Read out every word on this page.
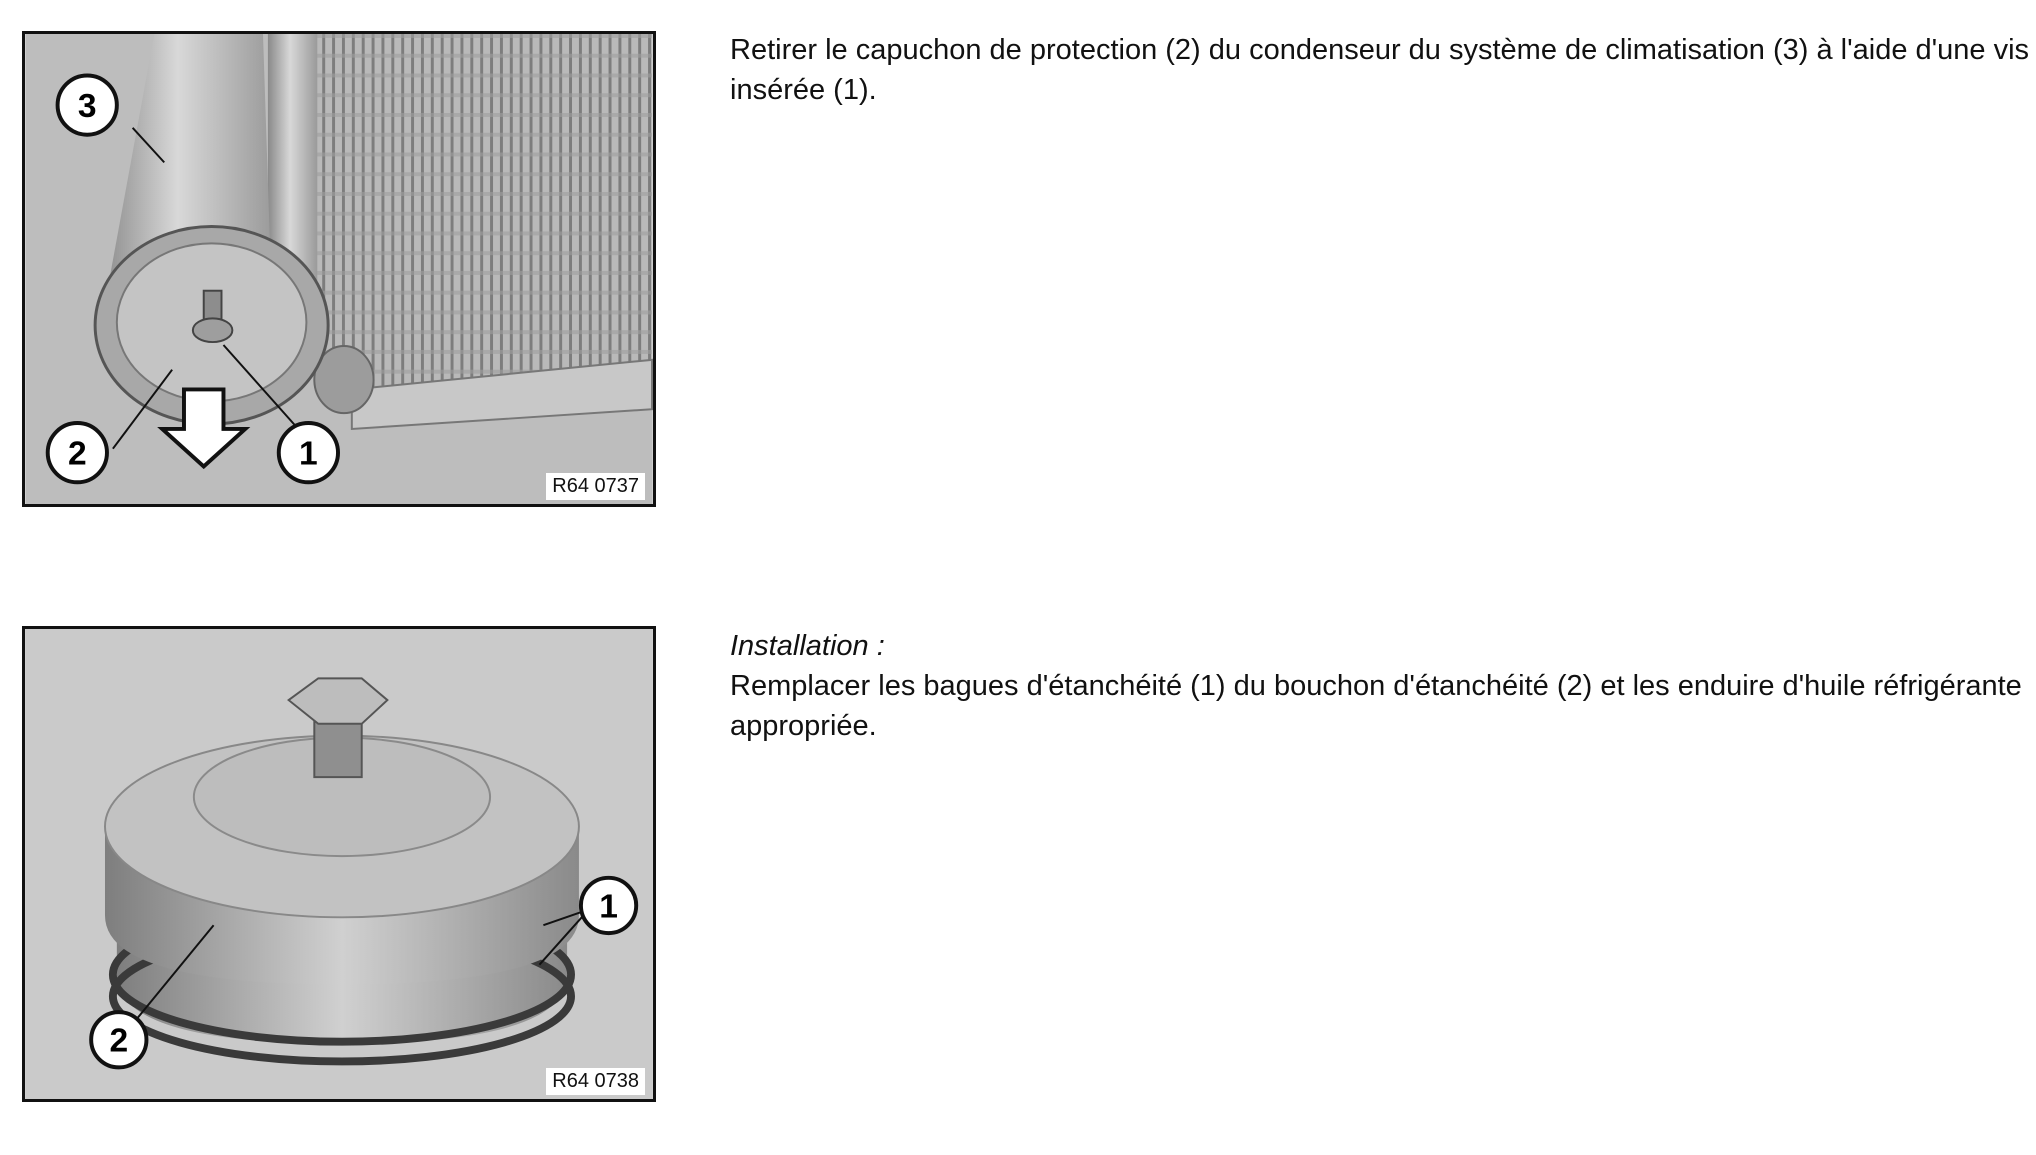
3
2	1
R64 0737

Retirer le capuchon de protection (2) du condenseur du système de climatisation (3) à l'aide d'une vis insérée (1).

1
2
R64 0738

Installation :

Remplacer les bagues d'étanchéité (1) du bouchon d'étanchéité (2) et les enduire d'huile réfrigérante appropriée.
